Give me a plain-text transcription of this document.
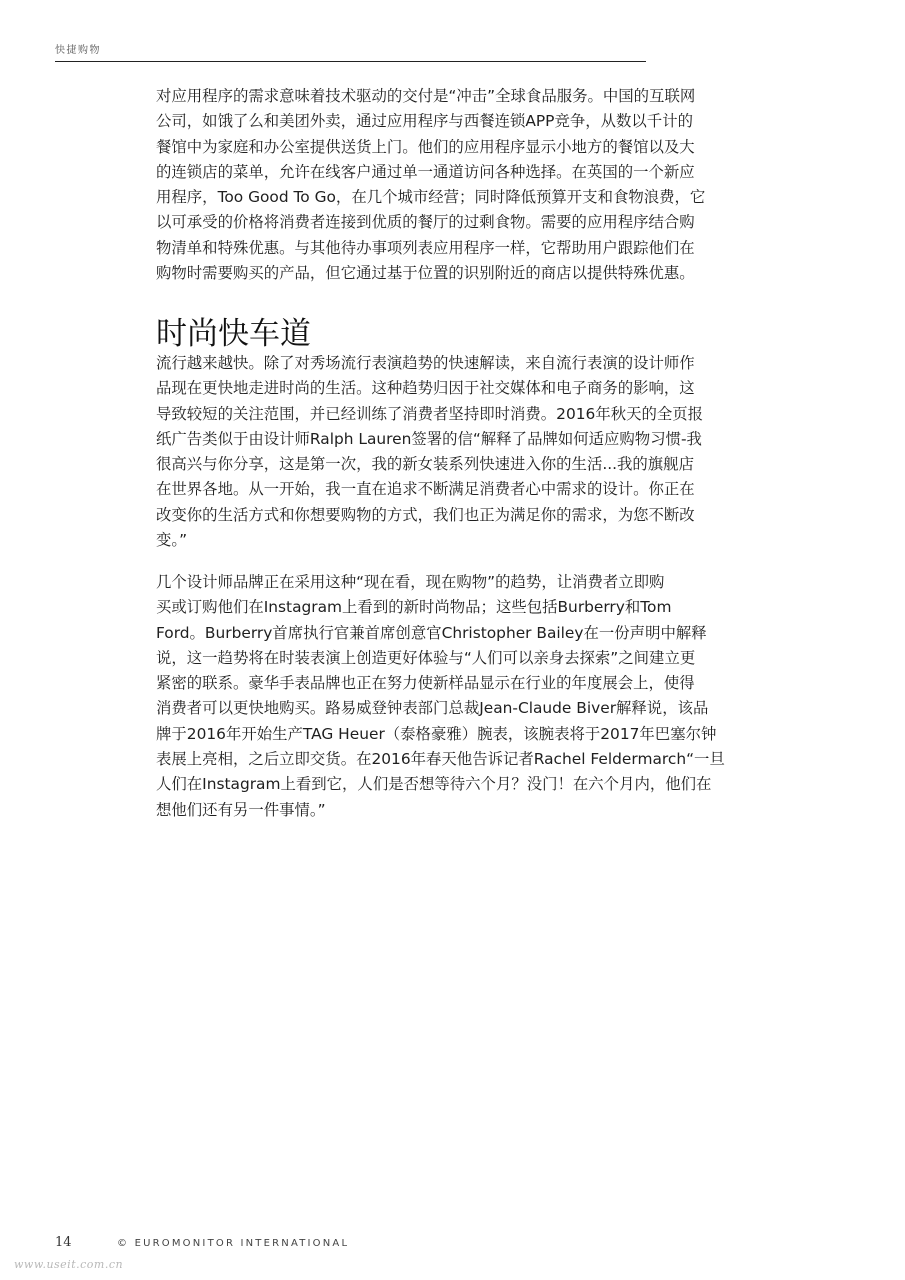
快捷购物

对应用程序的需求意味着技术驱动的交付是“冲击”全球食品服务。中国的互联网
公司，如饿了么和美团外卖，通过应用程序与西餐连锁APP竞争，从数以千计的
餐馆中为家庭和办公室提供送货上门。他们的应用程序显示小地方的餐馆以及大
的连锁店的菜单，允许在线客户通过单一通道访问各种选择。在英国的一个新应
用程序，Too Good To Go，在几个城市经营；同时降低预算开支和食物浪费，它
以可承受的价格将消费者连接到优质的餐厅的过剩食物。需要的应用程序结合购
物清单和特殊优惠。与其他待办事项列表应用程序一样，它帮助用户跟踪他们在
购物时需要购买的产品，但它通过基于位置的识别附近的商店以提供特殊优惠。

时尚快车道

流行越来越快。除了对秀场流行表演趋势的快速解读，来自流行表演的设计师作
品现在更快地走进时尚的生活。这种趋势归因于社交媒体和电子商务的影响，这
导致较短的关注范围，并已经训练了消费者坚持即时消费。2016年秋天的全页报
纸广告类似于由设计师Ralph Lauren签署的信“解释了品牌如何适应购物习惯-我
很高兴与你分享，这是第一次，我的新女装系列快速进入你的生活...我的旗舰店
在世界各地。从一开始，我一直在追求不断满足消费者心中需求的设计。你正在
改变你的生活方式和你想要购物的方式，我们也正为满足你的需求，为您不断改
变。”

几个设计师品牌正在采用这种“现在看，现在购物”的趋势，让消费者立即购
买或订购他们在Instagram上看到的新时尚物品；这些包括Burberry和Tom
Ford。Burberry首席执行官兼首席创意官Christopher Bailey在一份声明中解释
说，这一趋势将在时装表演上创造更好体验与“人们可以亲身去探索”之间建立更
紧密的联系。豪华手表品牌也正在努力使新样品显示在行业的年度展会上，使得
消费者可以更快地购买。路易威登钟表部门总裁Jean-Claude Biver解释说，该品
牌于2016年开始生产TAG Heuer（泰格豪雅）腕表，该腕表将于2017年巴塞尔钟
表展上亮相，之后立即交货。在2016年春天他告诉记者Rachel Feldermarch“一旦
人们在Instagram上看到它，人们是否想等待六个月？没门！在六个月内，他们在
想他们还有另一件事情。”

14	© EUROMONITOR INTERNATIONAL
www.useit.com.cn
